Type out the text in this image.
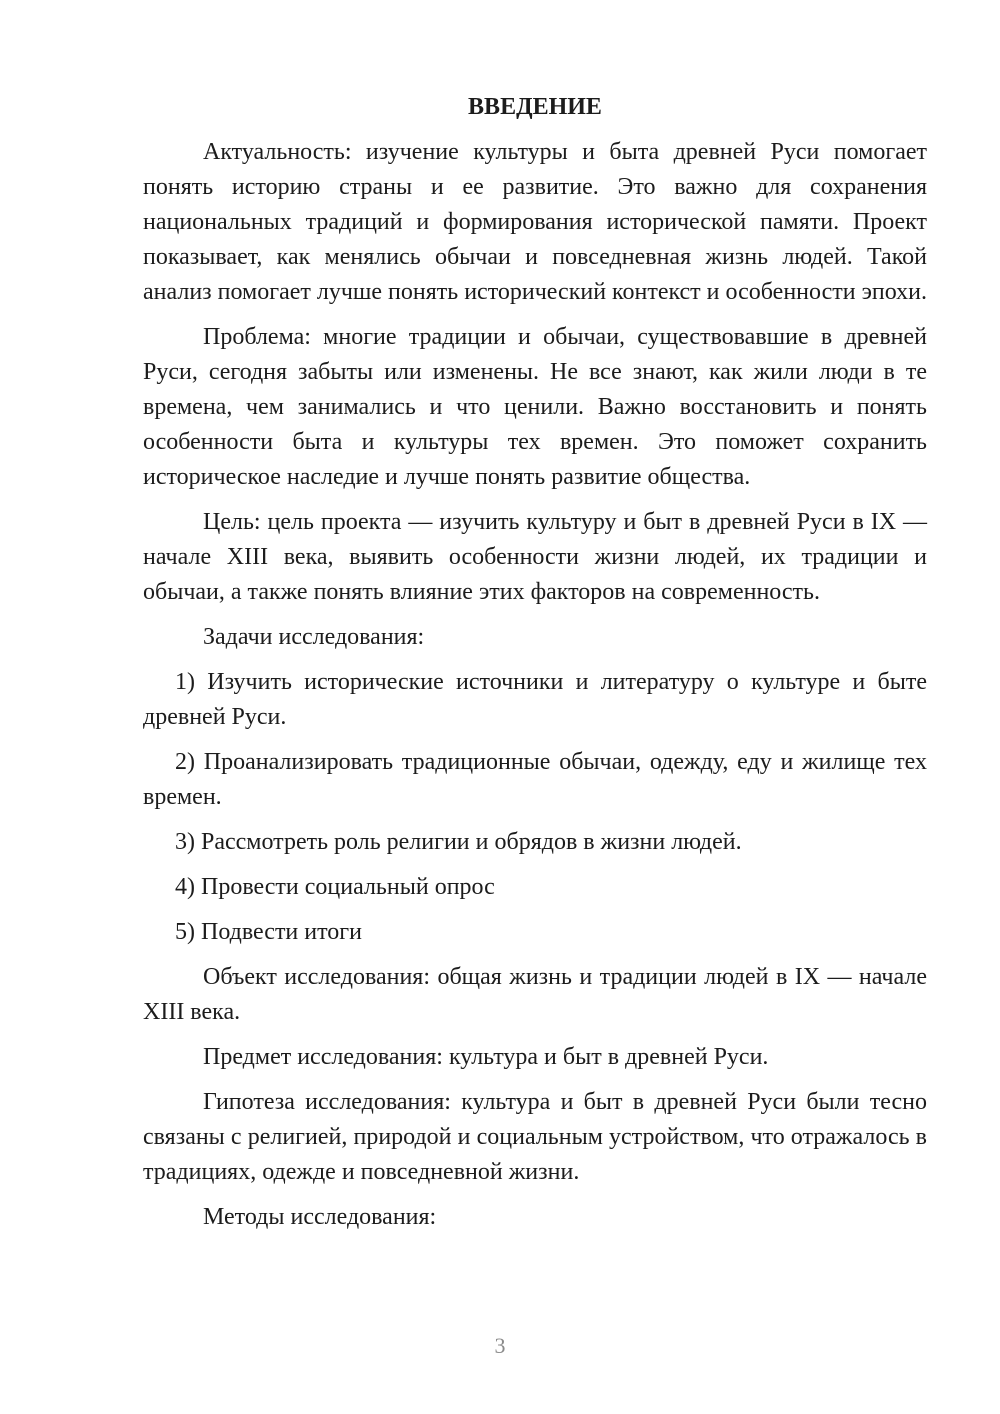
ВВЕДЕНИЕ

Актуальность: изучение культуры и быта древней Руси помогает понять историю страны и ее развитие. Это важно для сохранения национальных традиций и формирования исторической памяти. Проект показывает, как менялись обычаи и повседневная жизнь людей. Такой анализ помогает лучше понять исторический контекст и особенности эпохи.

Проблема: многие традиции и обычаи, существовавшие в древней Руси, сегодня забыты или изменены. Не все знают, как жили люди в те времена, чем занимались и что ценили. Важно восстановить и понять особенности быта и культуры тех времен. Это поможет сохранить историческое наследие и лучше понять развитие общества.

Цель: цель проекта — изучить культуру и быт в древней Руси в IX — начале XIII века, выявить особенности жизни людей, их традиции и обычаи, а также понять влияние этих факторов на современность.

Задачи исследования:

1) Изучить исторические источники и литературу о культуре и быте древней Руси.

2) Проанализировать традиционные обычаи, одежду, еду и жилище тех времен.

3) Рассмотреть роль религии и обрядов в жизни людей.

4) Провести социальный опрос

5) Подвести итоги

Объект исследования: общая жизнь и традиции людей в IX — начале XIII века.

Предмет исследования: культура и быт в древней Руси.

Гипотеза исследования: культура и быт в древней Руси были тесно связаны с религией, природой и социальным устройством, что отражалось в традициях, одежде и повседневной жизни.

Методы исследования:

3
